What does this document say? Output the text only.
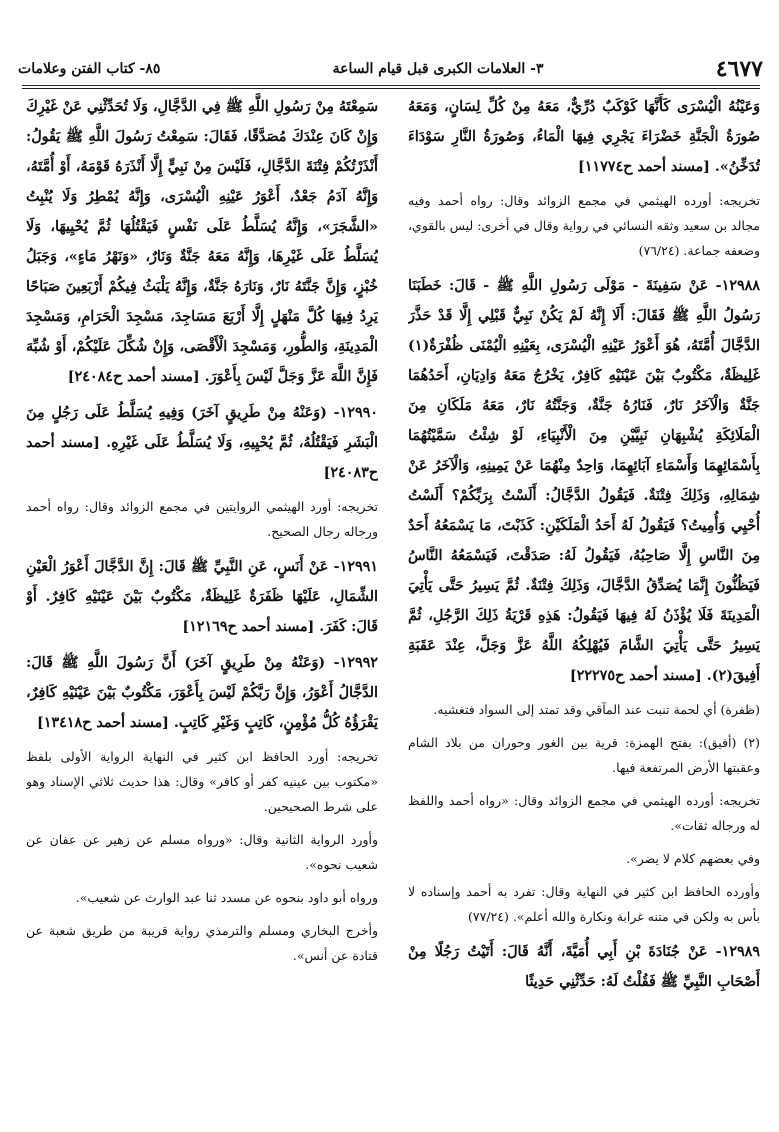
٤٦٧٧
٣- العلامات الكبرى قبل قيام الساعة
٨٥- كتاب الفتن وعلامات

وَعَيْنُهُ الْيُسْرَى كَأَنَّهَا كَوْكَبٌ دُرِّيٌّ، مَعَهُ مِنْ كُلِّ لِسَانٍ، وَمَعَهُ صُورَةُ الْجَنَّةِ خَضْرَاءَ يَجْرِي فِيهَا الْمَاءُ، وَصُورَةُ النَّارِ سَوْدَاءَ تُدَخِّنُ». [مسند أحمد ح١١٧٧٤]

تخريجه: أورده الهيثمي في مجمع الزوائد وقال: رواه أحمد وفيه مجالد بن سعيد وثقه النسائي في رواية وقال في أخرى: ليس بالقوي، وضعفه جماعة. (٧٦/٢٤)

١٢٩٨٨- عَنْ سَفِينَةَ - مَوْلَى رَسُولِ اللَّهِ ﷺ - قَالَ: خَطَبَنَا رَسُولُ اللَّهِ ﷺ فَقَالَ: أَلَا إِنَّهُ لَمْ يَكُنْ نَبِيٌّ قَبْلِي إِلَّا قَدْ حَذَّرَ الدَّجَّالَ أُمَّتَهُ، هُوَ أَعْوَرُ عَيْنِهِ الْيُسْرَى، بِعَيْنِهِ الْيُمْنَى ظُفْرَةٌ(١) غَلِيظَةٌ، مَكْتُوبٌ بَيْنَ عَيْنَيْهِ كَافِرٌ، يَخْرُجُ مَعَهُ وَادِيَانِ، أَحَدُهُمَا جَنَّةٌ وَالْآخَرُ نَارٌ، فَنَارُهُ جَنَّةٌ، وَجَنَّتُهُ نَارٌ، مَعَهُ مَلَكَانِ مِنَ الْمَلَائِكَةِ يُشْبِهَانِ نَبِيَّيْنِ مِنَ الْأَنْبِيَاءِ، لَوْ شِئْتُ سَمَّيْتُهُمَا بِأَسْمَائِهِمَا وَأَسْمَاءِ آبَائِهِمَا، وَاحِدٌ مِنْهُمَا عَنْ يَمِينِهِ، وَالْآخَرُ عَنْ شِمَالِهِ، وَذَلِكَ فِتْنَةٌ. فَيَقُولُ الدَّجَّالُ: أَلَسْتُ بِرَبِّكُمْ؟ أَلَسْتُ أُحْيِي وَأُمِيتُ؟ فَيَقُولُ لَهُ أَحَدُ الْمَلَكَيْنِ: كَذَبْتَ، مَا يَسْمَعُهُ أَحَدٌ مِنَ النَّاسِ إِلَّا صَاحِبُهُ، فَيَقُولُ لَهُ: صَدَقْتَ، فَيَسْمَعُهُ النَّاسُ فَيَظُنُّونَ إِنَّمَا يُصَدِّقُ الدَّجَّالَ، وَذَلِكَ فِتْنَةٌ. ثُمَّ يَسِيرُ حَتَّى يَأْتِيَ الْمَدِينَةَ فَلَا يُؤْذَنُ لَهُ فِيهَا فَيَقُولُ: هَذِهِ قَرْيَةُ ذَلِكَ الرَّجُلِ، ثُمَّ يَسِيرُ حَتَّى يَأْتِيَ الشَّامَ فَيُهْلِكُهُ اللَّهُ عَزَّ وَجَلَّ، عِنْدَ عَقَبَةِ أَفِيقَ(٢). [مسند أحمد ح٢٢٢٧٥]

(ظفرة) أي لحمة تنبت عند المآقي وقد تمتد إلى السواد فتغشيه.

(٢) (أفيق): بفتح الهمزة: قرية بين الغور وحوران من بلاد الشام وعقبتها الأرض المرتفعة فيها.

تخريجه: أورده الهيثمي في مجمع الزوائد وقال: «رواه أحمد واللفظ له ورجاله ثقات».

وفي بعضهم كلام لا يضر».

وأورده الحافظ ابن كثير في النهاية وقال: تفرد به أحمد وإسناده لا بأس به ولكن في متنه غرابة ونكارة والله أعلم». (٧٧/٢٤)

١٢٩٨٩- عَنْ جُنَادَةَ بْنِ أَبِي أُمَيَّةَ، أَنَّهُ قَالَ: أَتَيْتُ رَجُلًا مِنْ أَصْحَابِ النَّبِيِّ ﷺ فَقُلْتُ لَهُ: حَدِّثْنِي حَدِيثًا

سَمِعْتَهُ مِنْ رَسُولِ اللَّهِ ﷺ فِي الدَّجَّالِ، وَلَا تُحَدِّثْنِي عَنْ غَيْرِكَ وَإِنْ كَانَ عِنْدَكَ مُصَدَّقًا، فَقَالَ: سَمِعْتُ رَسُولَ اللَّهِ ﷺ يَقُولُ: أَنْذَرْتُكُمْ فِتْنَةَ الدَّجَّالِ، فَلَيْسَ مِنْ نَبِيٍّ إِلَّا أَنْذَرَهُ قَوْمَهُ، أَوْ أُمَّتَهُ، وَإِنَّهُ آدَمُ جَعْدٌ، أَعْوَرُ عَيْنِهِ الْيُسْرَى، وَإِنَّهُ يُمْطِرُ وَلَا يُنْبِتُ «الشَّجَرَ»، وَإِنَّهُ يُسَلَّطُ عَلَى نَفْسٍ فَيَقْتُلُهَا ثُمَّ يُحْيِيهَا، وَلَا يُسَلَّطُ عَلَى غَيْرِهَا، وَإِنَّهُ مَعَهُ جَنَّةٌ وَنَارٌ، «وَنَهْرُ مَاءٍ»، وَجَبَلُ خُبْزٍ، وَإِنَّ جَنَّتَهُ نَارٌ، وَنَارَهُ جَنَّةٌ، وَإِنَّهُ يَلْبَثُ فِيكُمْ أَرْبَعِينَ صَبَاحًا يَرِدُ فِيهَا كُلَّ مَنْهَلٍ إِلَّا أَرْبَعَ مَسَاجِدَ، مَسْجِدَ الْحَرَامِ، وَمَسْجِدَ الْمَدِينَةِ، وَالطُّورِ، وَمَسْجِدَ الْأَقْصَى، وَإِنْ شُكِّلَ عَلَيْكُمْ، أَوْ شُبِّهَ فَإِنَّ اللَّهَ عَزَّ وَجَلَّ لَيْسَ بِأَعْوَرَ. [مسند أحمد ح٢٤٠٨٤]

١٢٩٩٠- (وَعَنْهُ مِنْ طَرِيقٍ آخَرَ) وَفِيهِ يُسَلَّطُ عَلَى رَجُلٍ مِنَ الْبَشَرِ فَيَقْتُلُهُ، ثُمَّ يُحْيِيهِ، وَلَا يُسَلَّطُ عَلَى غَيْرِهِ. [مسند أحمد ح٢٤٠٨٣]

تخريجه: أورد الهيثمي الروايتين في مجمع الزوائد وقال: رواه أحمد ورجاله رجال الصحيح.

١٢٩٩١- عَنْ أَنَسٍ، عَنِ النَّبِيِّ ﷺ قَالَ: إِنَّ الدَّجَّالَ أَعْوَرُ الْعَيْنِ الشِّمَالِ، عَلَيْهَا ظَفَرَةٌ غَلِيظَةٌ، مَكْتُوبٌ بَيْنَ عَيْنَيْهِ كَافِرٌ. أَوْ قَالَ: كَفَرَ. [مسند أحمد ح١٢١٦٩]

١٢٩٩٢- (وَعَنْهُ مِنْ طَرِيقٍ آخَرَ) أَنَّ رَسُولَ اللَّهِ ﷺ قَالَ: الدَّجَّالُ أَعْوَرُ، وَإِنَّ رَبَّكُمْ لَيْسَ بِأَعْوَرَ، مَكْتُوبٌ بَيْنَ عَيْنَيْهِ كَافِرٌ، يَقْرَؤُهُ كُلُّ مُؤْمِنٍ، كَاتِبٍ وَغَيْرِ كَاتِبٍ. [مسند أحمد ح١٣٤١٨]

تخريجه: أورد الحافظ ابن كثير في النهاية الرواية الأولى بلفظ «مكتوب بين عينيه كفر أو كافر» وقال: هذا حديث ثلاثي الإسناد وهو على شرط الصحيحين.

وأورد الرواية الثانية وقال: «ورواه مسلم عن زهير عن عفان عن شعيب نحوه».

ورواه أبو داود بنحوه عن مسدد ثنا عبد الوارث عن شعيب».

وأخرج البخاري ومسلم والترمذي رواية قريبة من طريق شعبة عن قتادة عن أنس».
